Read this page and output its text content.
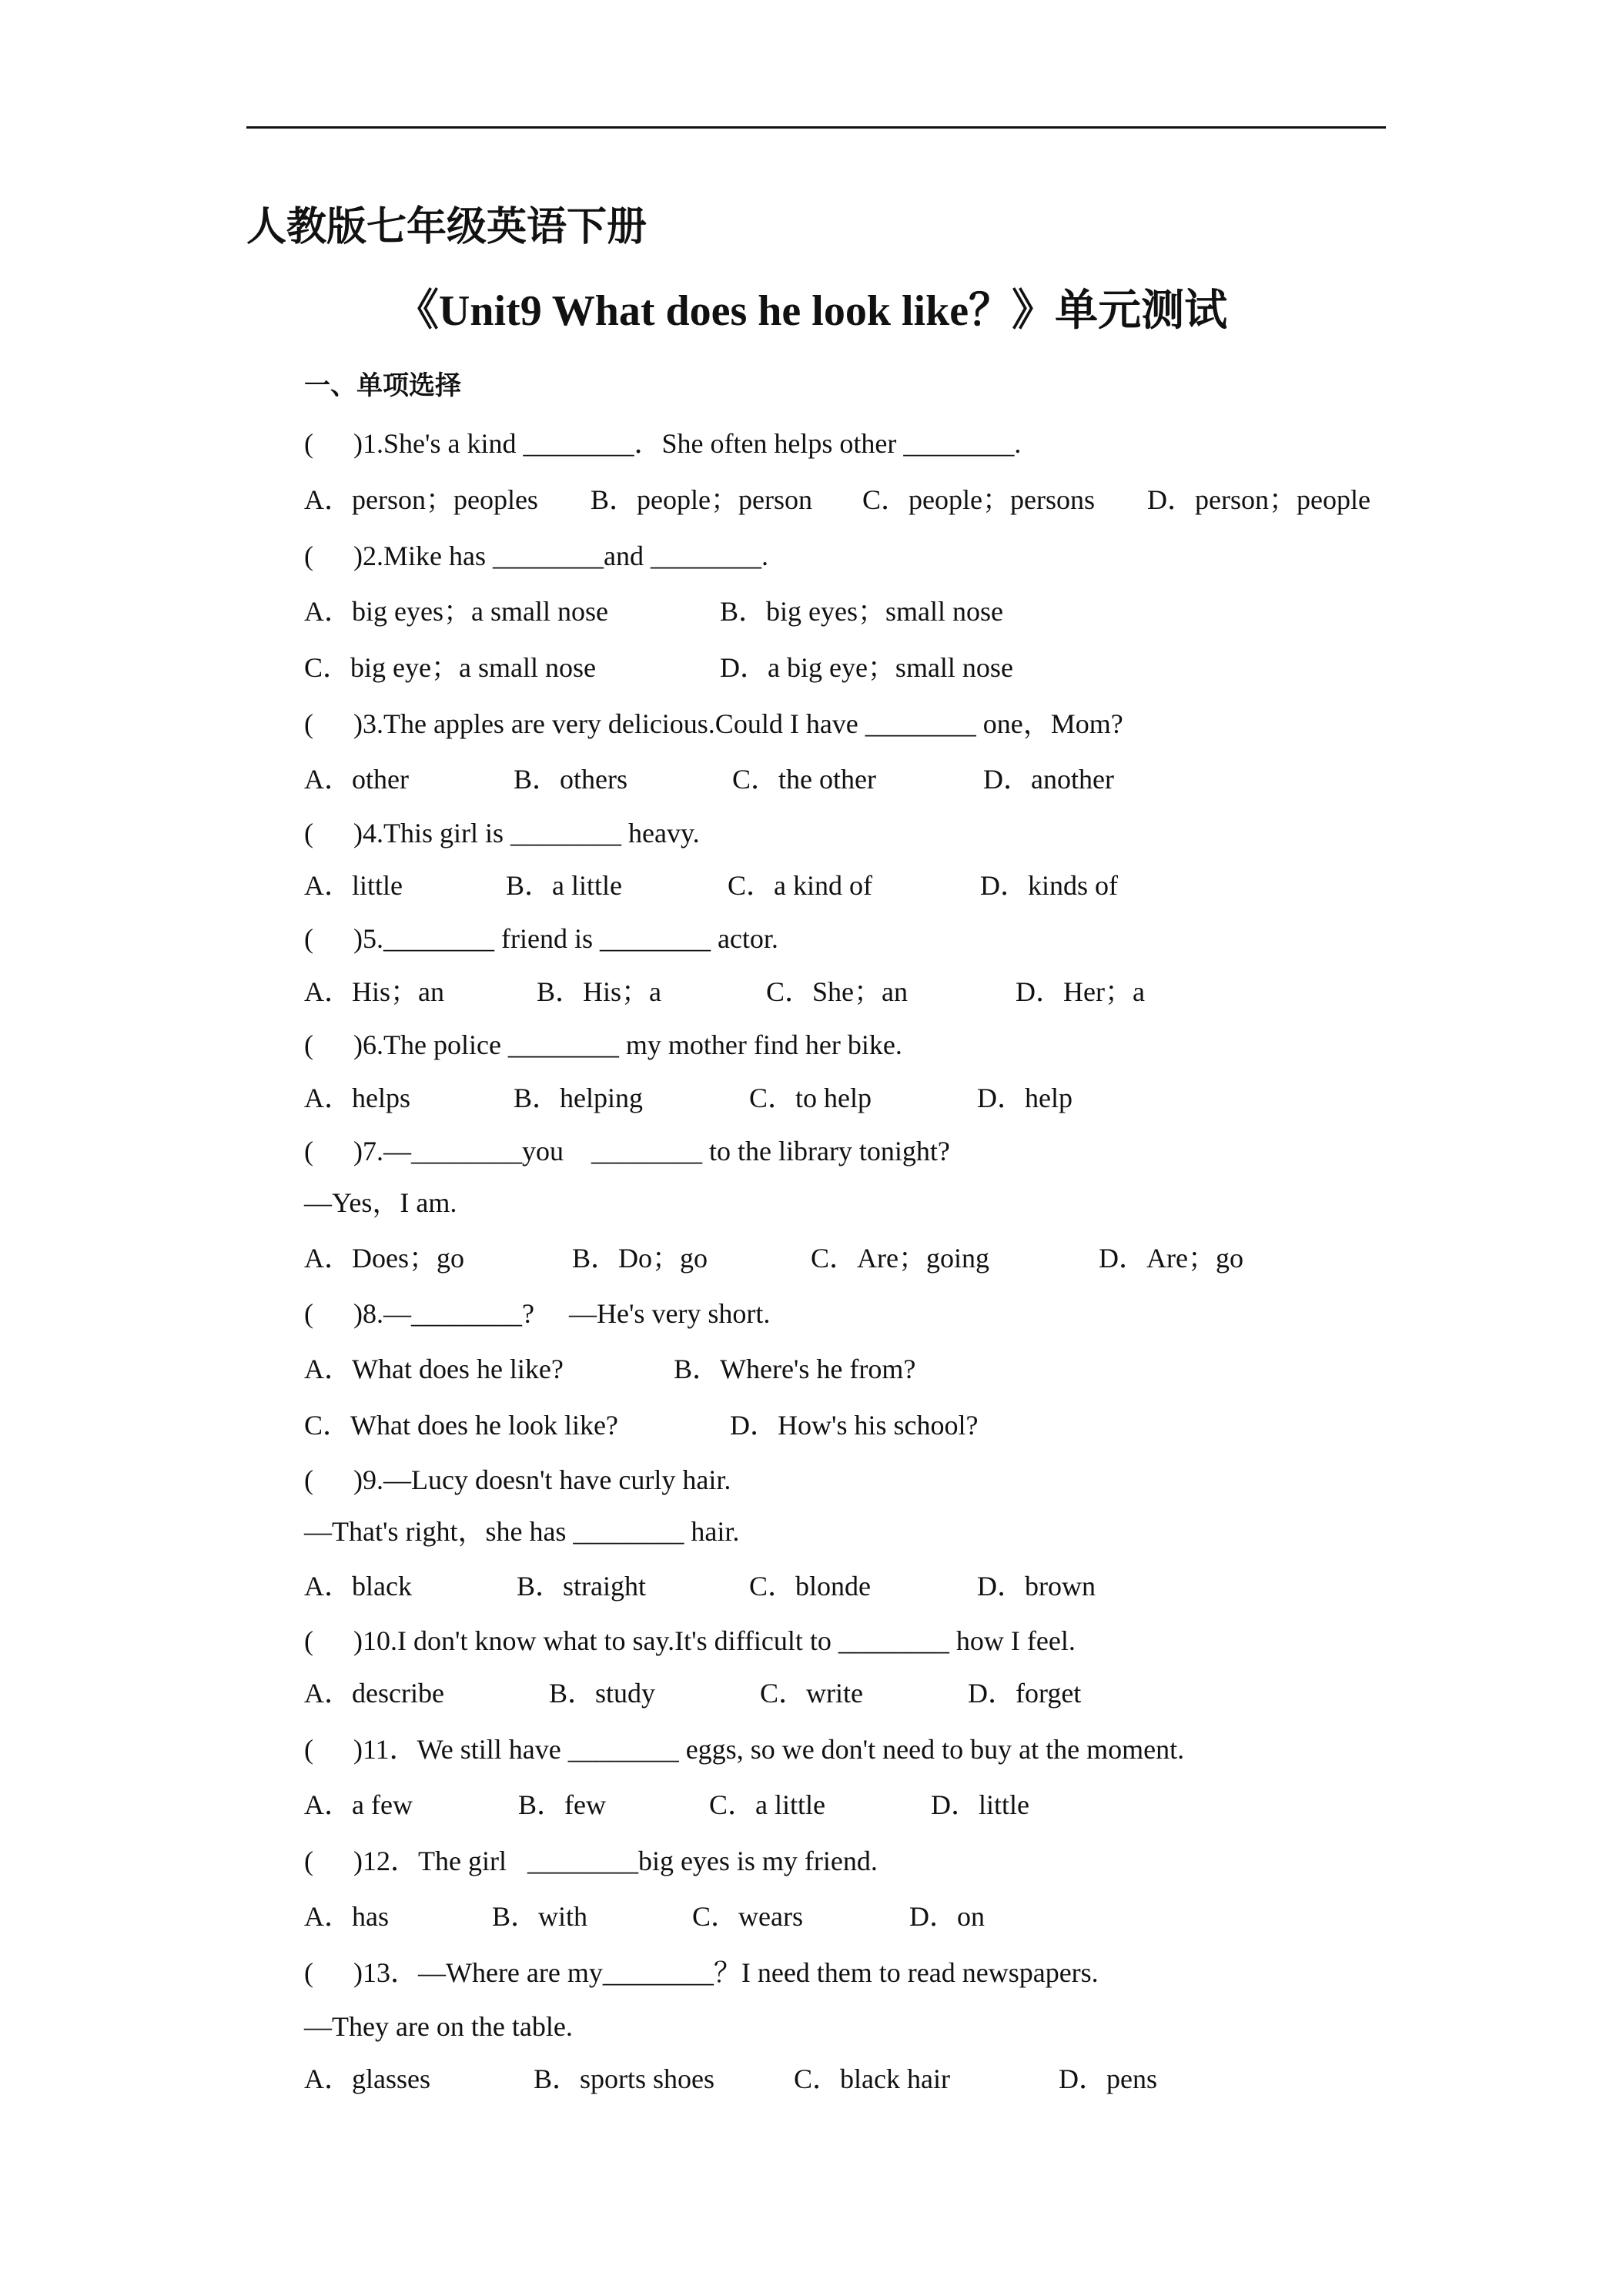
人教版七年级英语下册
《Unit9 What does he look like？》单元测试
一、单项选择
( )1.She's a kind ________．She often helps other ________.
A．person；peoples B．people；person C．people；persons D．person；people
( )2.Mike has ________and ________.
A．big eyes；a small nose	B．big eyes；small nose
C．big eye；a small nose	D．a big eye；small nose
( )3.The apples are very delicious.Could I have ________ one，Mom?
A．other	B．others	C．the other	D．another
( )4.This girl is ________ heavy.
A．little	B．a little	C．a kind of	D．kinds of
( )5.________ friend is ________ actor.
A．His；an	B．His；a	C．She；an	D．Her；a
( )6.The police ________ my mother find her bike.
A．helps	B．helping	C．to help	D．help
( )7.—________you    ________ to the library tonight?
—Yes，I am.
A．Does；go	B．Do；go	C．Are；going	D．Are；go
( )8.—________?     —He's very short.
A．What does he like?	B．Where's he from?
C．What does he look like?	D．How's his school?
( )9.—Lucy doesn't have curly hair.
—That's right，she has ________ hair.
A．black	B．straight	C．blonde	D．brown
( )10.I don't know what to say.It's difficult to ________ how I feel.
A．describe	B．study	C．write	D．forget
( )11．We still have ________ eggs, so we don't need to buy at the moment.
A．a few	B．few	C．a little	D．little
( )12．The girl   ________big eyes is my friend.
A．has	B．with	C．wears	D．on
( )13．—Where are my________？I need them to read newspapers.
—They are on the table.
A．glasses	B．sports shoes	C．black hair	D．pens
